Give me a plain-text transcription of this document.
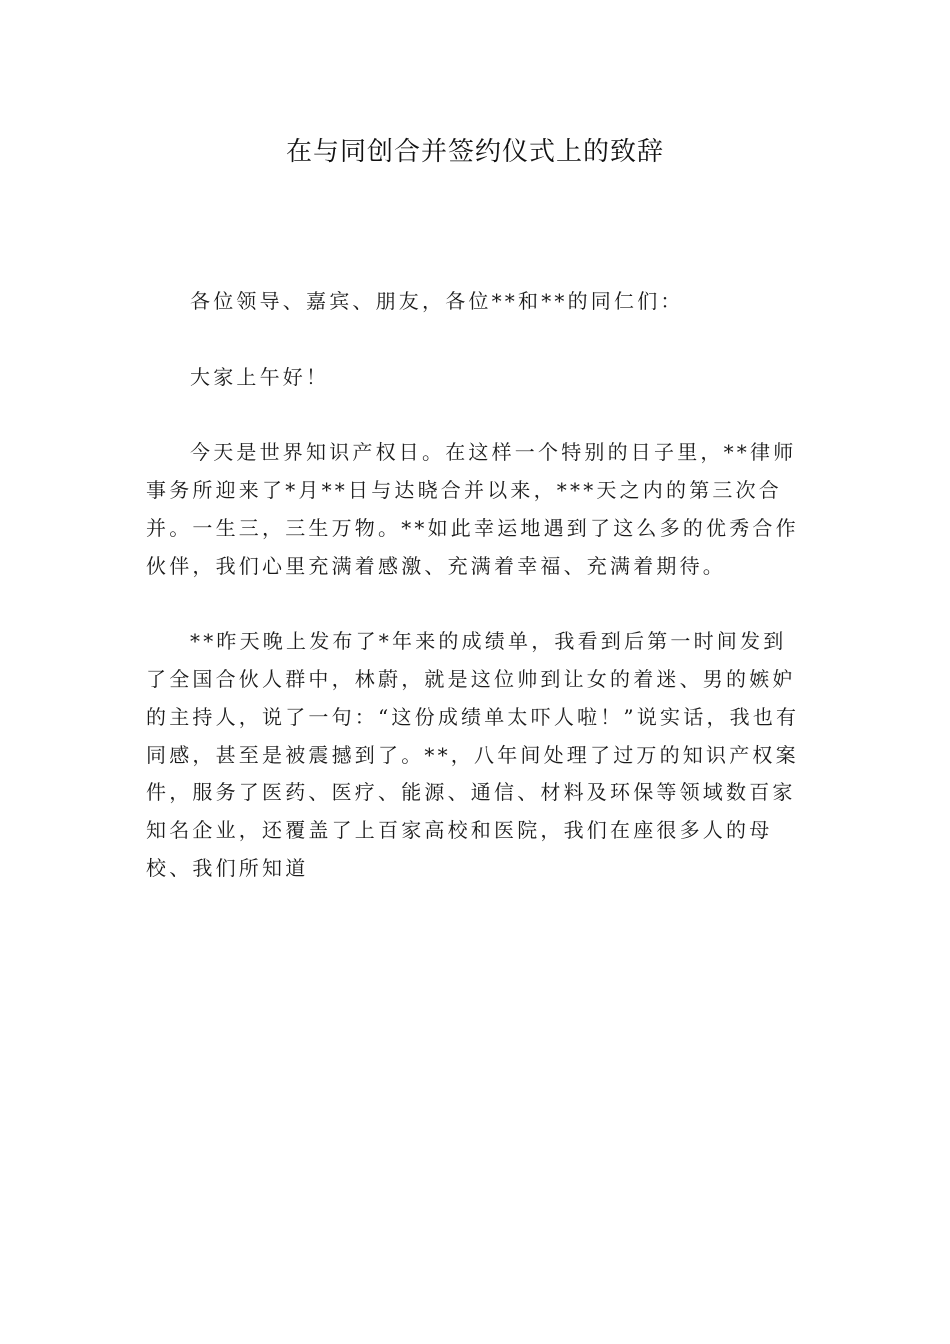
在与同创合并签约仪式上的致辞

各位领导、嘉宾、朋友，各位**和**的同仁们：

大家上午好！

今天是世界知识产权日。在这样一个特别的日子里，**律师事务所迎来了*月**日与达晓合并以来，***天之内的第三次合并。一生三，三生万物。**如此幸运地遇到了这么多的优秀合作伙伴，我们心里充满着感激、充满着幸福、充满着期待。

**昨天晚上发布了*年来的成绩单，我看到后第一时间发到了全国合伙人群中，林蔚，就是这位帅到让女的着迷、男的嫉妒的主持人，说了一句：“这份成绩单太吓人啦！”说实话，我也有同感，甚至是被震撼到了。**，八年间处理了过万的知识产权案件，服务了医药、医疗、能源、通信、材料及环保等领域数百家知名企业，还覆盖了上百家高校和医院，我们在座很多人的母校、我们所知道
